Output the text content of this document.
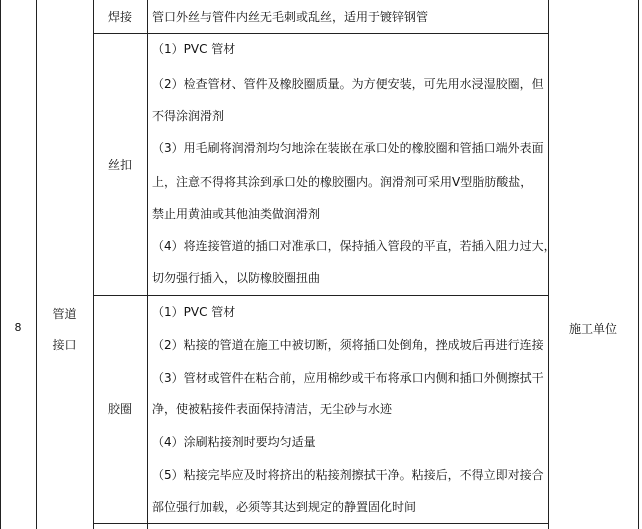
8
管道
接口
施工单位
焊接
丝扣
胶圈
管口外丝与管件内丝无毛刺或乱丝，适用于镀锌钢管
（1）PVC 管材
（2）检查管材、管件及橡胶圈质量。为方便安装，可先用水浸湿胶圈，但
不得涂润滑剂
（3）用毛刷将润滑剂均匀地涂在装嵌在承口处的橡胶圈和管插口端外表面
上，注意不得将其涂到承口处的橡胶圈内。润滑剂可采用V型脂肪酸盐，
禁止用黄油或其他油类做润滑剂
（4）将连接管道的插口对准承口，保持插入管段的平直，若插入阻力过大，
切勿强行插入，以防橡胶圈扭曲
（1）PVC 管材
（2）粘接的管道在施工中被切断，须将插口处倒角，挫成坡后再进行连接
（3）管材或管件在粘合前，应用棉纱或干布将承口内侧和插口外侧擦拭干
净，使被粘接件表面保持清洁，无尘砂与水迹
（4）涂刷粘接剂时要均匀适量
（5）粘接完毕应及时将挤出的粘接剂擦拭干净。粘接后，不得立即对接合
部位强行加载，必须等其达到规定的静置固化时间
